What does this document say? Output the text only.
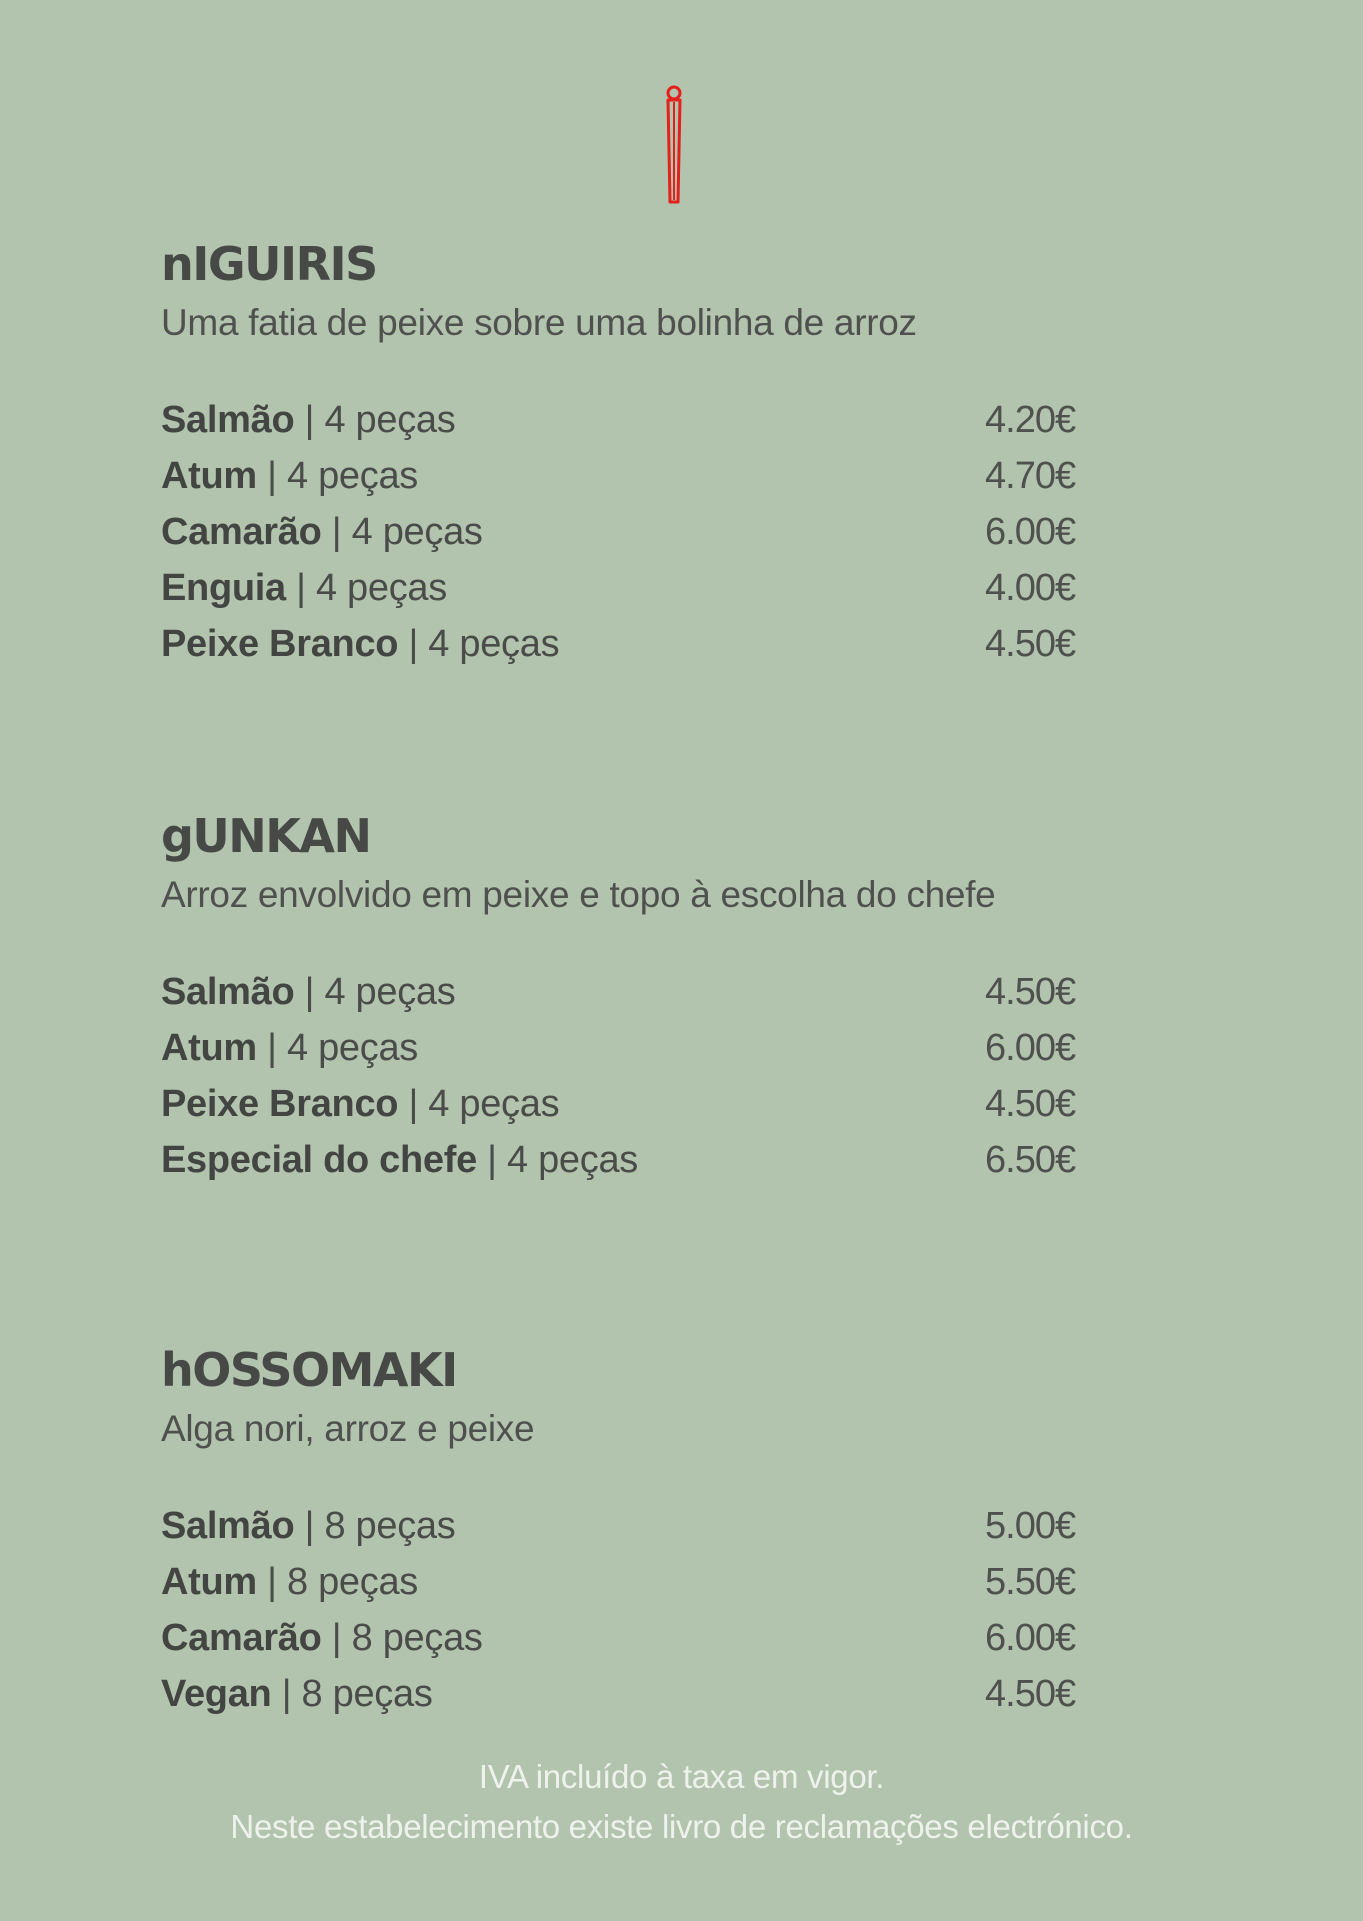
nIGUIRIS
Uma fatia de peixe sobre uma bolinha de arroz
Salmão | 4 peças	4.20€
Atum | 4 peças	4.70€
Camarão | 4 peças	6.00€
Enguia | 4 peças	4.00€
Peixe Branco | 4 peças	4.50€
gUNKAN
Arroz envolvido em peixe e topo à escolha do chefe
Salmão | 4 peças	4.50€
Atum | 4 peças	6.00€
Peixe Branco | 4 peças	4.50€
Especial do chefe | 4 peças	6.50€
hOSSOMAKI
Alga nori, arroz e peixe
Salmão | 8 peças	5.00€
Atum | 8 peças	5.50€
Camarão | 8 peças	6.00€
Vegan | 8 peças	4.50€
IVA incluído à taxa em vigor.
Neste estabelecimento existe livro de reclamações electrónico.
